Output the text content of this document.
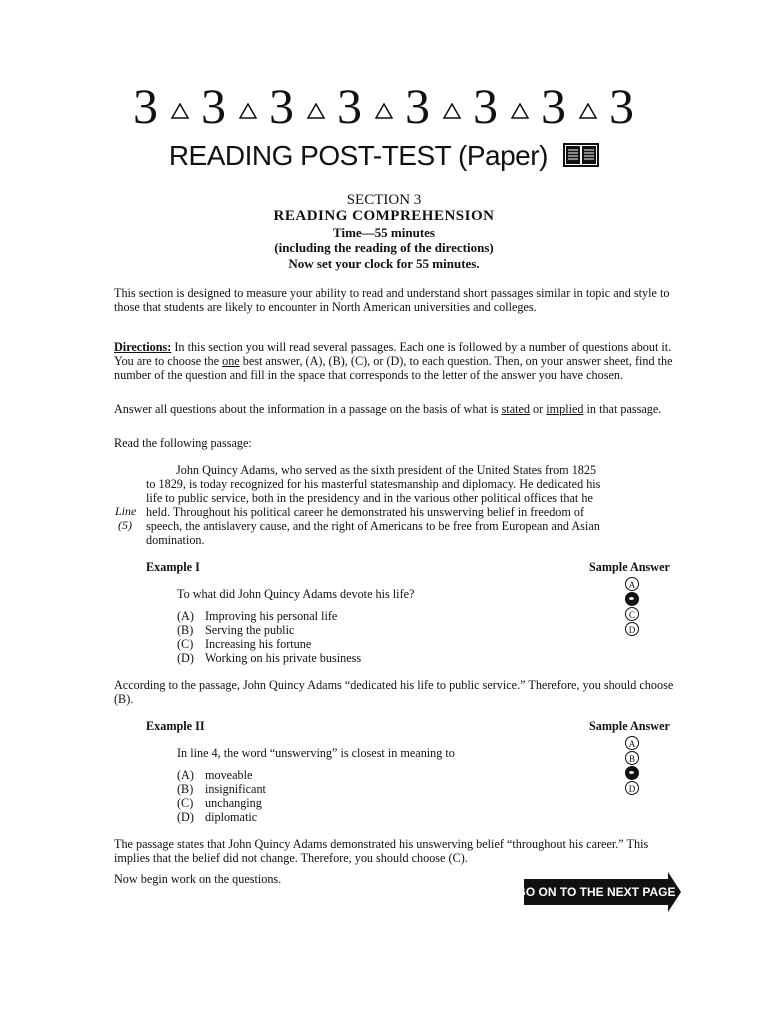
3 3 3 3 3 3 3 3
READING POST-TEST (Paper)
SECTION 3
READING COMPREHENSION
Time—55 minutes
(including the reading of the directions)
Now set your clock for 55 minutes.
This section is designed to measure your ability to read and understand short passages similar in topic and style to those that students are likely to encounter in North American universities and colleges.
Directions: In this section you will read several passages. Each one is followed by a number of questions about it. You are to choose the one best answer, (A), (B), (C), or (D), to each question. Then, on your answer sheet, find the number of the question and fill in the space that corresponds to the letter of the answer you have chosen.
Answer all questions about the information in a passage on the basis of what is stated or implied in that passage.
Read the following passage:
John Quincy Adams, who served as the sixth president of the United States from 1825
to 1829, is today recognized for his masterful statesmanship and diplomacy. He dedicated his
life to public service, both in the presidency and in the various other political offices that he
held. Throughout his political career he demonstrated his unswerving belief in freedom of
speech, the antislavery cause, and the right of Americans to be free from European and Asian
domination.
Line
(5)
Example I	Sample Answer
To what did John Quincy Adams devote his life?
(A) Improving his personal life
(B) Serving the public
(C) Increasing his fortune
(D) Working on his private business
A
C
D
According to the passage, John Quincy Adams “dedicated his life to public service.” Therefore, you should choose (B).
Example II	Sample Answer
In line 4, the word “unswerving” is closest in meaning to
(A) moveable
(B) insignificant
(C) unchanging
(D) diplomatic
A
B
D
The passage states that John Quincy Adams demonstrated his unswerving belief “throughout his career.” This implies that the belief did not change. Therefore, you should choose (C).
Now begin work on the questions.
GO ON TO THE NEXT PAGE
